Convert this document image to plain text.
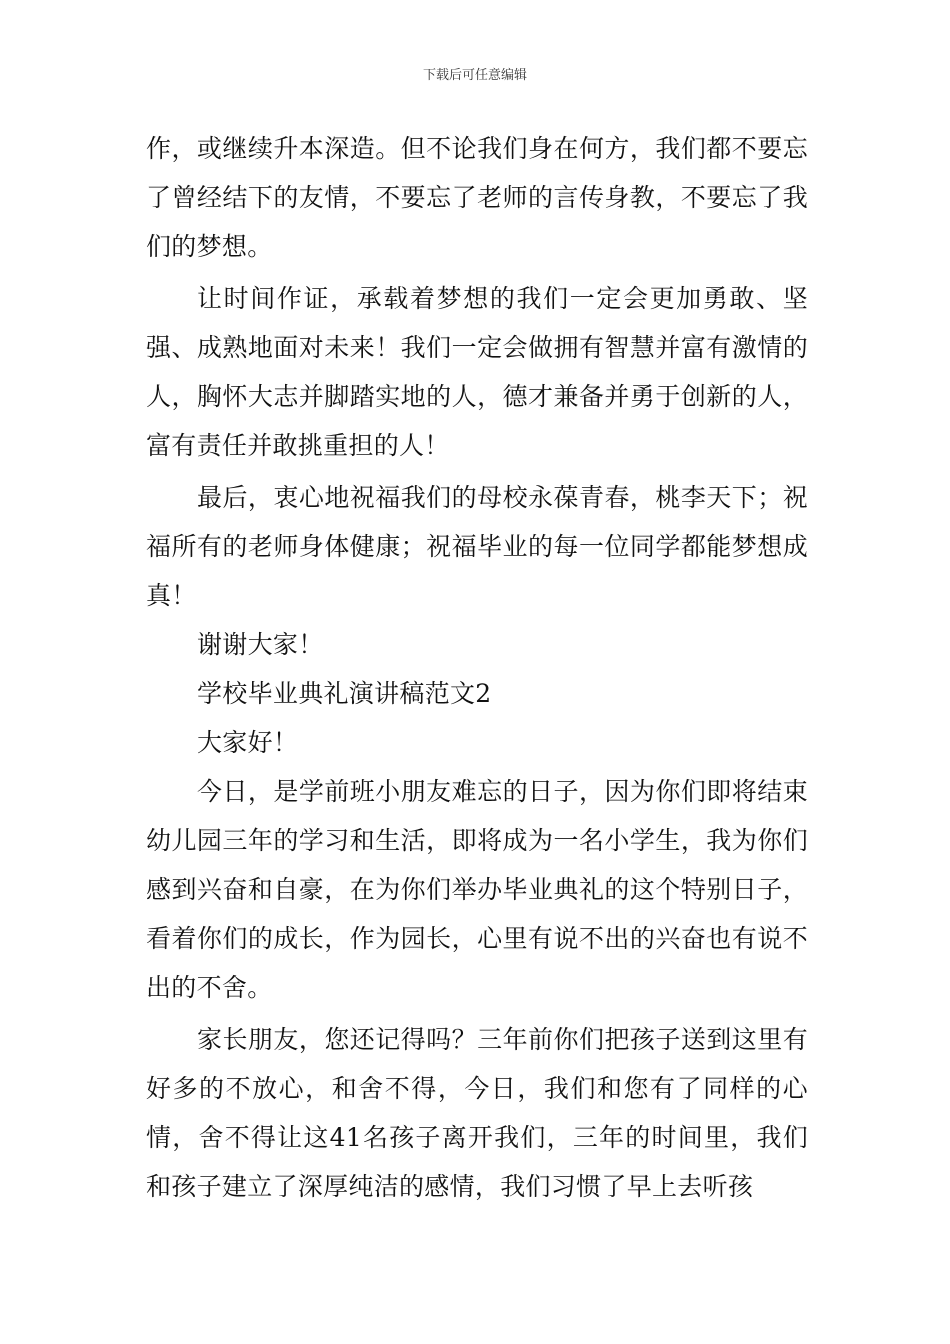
下载后可任意编辑

作，或继续升本深造。但不论我们身在何方，我们都不要忘了曾经结下的友情，不要忘了老师的言传身教，不要忘了我们的梦想。

让时间作证，承载着梦想的我们一定会更加勇敢、坚强、成熟地面对未来！我们一定会做拥有智慧并富有激情的人，胸怀大志并脚踏实地的人，德才兼备并勇于创新的人，富有责任并敢挑重担的人！

最后，衷心地祝福我们的母校永葆青春，桃李天下；祝福所有的老师身体健康；祝福毕业的每一位同学都能梦想成真！

谢谢大家！

学校毕业典礼演讲稿范文2

大家好！

今日，是学前班小朋友难忘的日子，因为你们即将结束幼儿园三年的学习和生活，即将成为一名小学生，我为你们感到兴奋和自豪，在为你们举办毕业典礼的这个特别日子，看着你们的成长，作为园长，心里有说不出的兴奋也有说不出的不舍。

家长朋友，您还记得吗？三年前你们把孩子送到这里有好多的不放心，和舍不得，今日，我们和您有了同样的心情，舍不得让这41名孩子离开我们，三年的时间里，我们和孩子建立了深厚纯洁的感情，我们习惯了早上去听孩
